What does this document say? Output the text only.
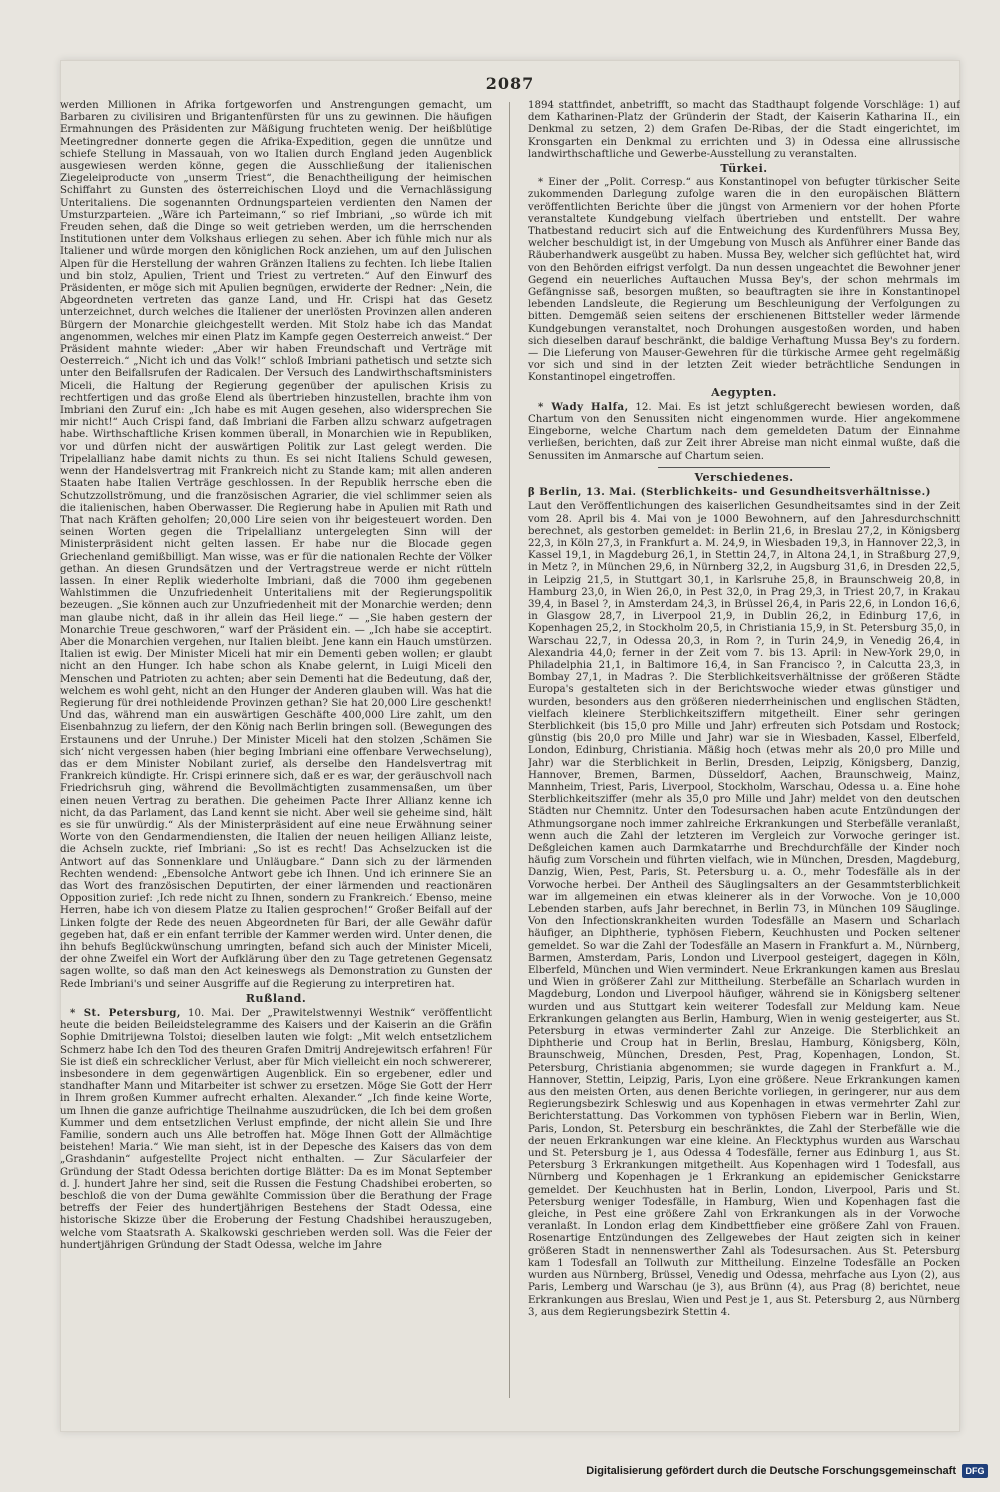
2087

werden Millionen in Afrika fortgeworfen und Anstrengungen gemacht, um Barbaren zu civilisiren und Brigantenfürsten für uns zu gewinnen. Die häufigen Ermahnungen des Präsidenten zur Mäßigung fruchteten wenig. Der heißblütige Meetingredner donnerte gegen die Afrika-Expedition, gegen die unnütze und schiefe Stellung in Massauah, von wo Italien durch England jeden Augenblick ausgewiesen werden könne, gegen die Ausschließung der italienischen Ziegeleiproducte von „unserm Triest“, die Benachtheiligung der heimischen Schiffahrt zu Gunsten des österreichischen Lloyd und die Vernachlässigung Unteritaliens. Die sogenannten Ordnungsparteien verdienten den Namen der Umsturzparteien. „Wäre ich Parteimann,“ so rief Imbriani, „so würde ich mit Freuden sehen, daß die Dinge so weit getrieben werden, um die herrschenden Institutionen unter dem Volkshaus erliegen zu sehen. Aber ich fühle mich nur als Italiener und würde morgen den königlichen Rock anziehen, um auf den Julischen Alpen für die Herstellung der wahren Gränzen Italiens zu fechten. Ich liebe Italien und bin stolz, Apulien, Trient und Triest zu vertreten.“ Auf den Einwurf des Präsidenten, er möge sich mit Apulien begnügen, erwiderte der Redner: „Nein, die Abgeordneten vertreten das ganze Land, und Hr. Crispi hat das Gesetz unterzeichnet, durch welches die Italiener der unerlösten Provinzen allen anderen Bürgern der Monarchie gleichgestellt werden. Mit Stolz habe ich das Mandat angenommen, welches mir einen Platz im Kampfe gegen Oesterreich anweist.“ Der Präsident mahnte wieder: „Aber wir haben Freundschaft und Verträge mit Oesterreich.“ „Nicht ich und das Volk!“ schloß Imbriani pathetisch und setzte sich unter den Beifallsrufen der Radicalen. Der Versuch des Landwirthschaftsministers Miceli, die Haltung der Regierung gegenüber der apulischen Krisis zu rechtfertigen und das große Elend als übertrieben hinzustellen, brachte ihm von Imbriani den Zuruf ein: „Ich habe es mit Augen gesehen, also widersprechen Sie mir nicht!“ Auch Crispi fand, daß Imbriani die Farben allzu schwarz aufgetragen habe. Wirthschaftliche Krisen kommen überall, in Monarchien wie in Republiken, vor und dürfen nicht der auswärtigen Politik zur Last gelegt werden. Die Tripelallianz habe damit nichts zu thun. Es sei nicht Italiens Schuld gewesen, wenn der Handelsvertrag mit Frankreich nicht zu Stande kam; mit allen anderen Staaten habe Italien Verträge geschlossen. In der Republik herrsche eben die Schutzzollströmung, und die französischen Agrarier, die viel schlimmer seien als die italienischen, haben Oberwasser. Die Regierung habe in Apulien mit Rath und That nach Kräften geholfen; 20,000 Lire seien von ihr beigesteuert worden. Den seinen Worten gegen die Tripelallianz untergelegten Sinn will der Ministerpräsident nicht gelten lassen. Er habe nur die Blocade gegen Griechenland gemißbilligt. Man wisse, was er für die nationalen Rechte der Völker gethan. An diesen Grundsätzen und der Vertragstreue werde er nicht rütteln lassen. In einer Replik wiederholte Imbriani, daß die 7000 ihm gegebenen Wahlstimmen die Unzufriedenheit Unteritaliens mit der Regierungspolitik bezeugen. „Sie können auch zur Unzufriedenheit mit der Monarchie werden; denn man glaube nicht, daß in ihr allein das Heil liege.“ — „Sie haben gestern der Monarchie Treue geschworen,“ warf der Präsident ein. — „Ich habe sie acceptirt. Aber die Monarchien vergehen, nur Italien bleibt. Jene kann ein Hauch umstürzen. Italien ist ewig. Der Minister Miceli hat mir ein Dementi geben wollen; er glaubt nicht an den Hunger. Ich habe schon als Knabe gelernt, in Luigi Miceli den Menschen und Patrioten zu achten; aber sein Dementi hat die Bedeutung, daß der, welchem es wohl geht, nicht an den Hunger der Anderen glauben will. Was hat die Regierung für drei nothleidende Provinzen gethan? Sie hat 20,000 Lire geschenkt! Und das, während man ein auswärtigen Geschäfte 400,000 Lire zahlt, um den Eisenbahnzug zu liefern, der den König nach Berlin bringen soll. (Bewegungen des Erstaunens und der Unruhe.) Der Minister Miceli hat den stolzen ‚Schämen Sie sich‘ nicht vergessen haben (hier beging Imbriani eine offenbare Verwechselung), das er dem Minister Nobilant zurief, als derselbe den Handelsvertrag mit Frankreich kündigte. Hr. Crispi erinnere sich, daß er es war, der geräuschvoll nach Friedrichsruh ging, während die Bevollmächtigten zusammensaßen, um über einen neuen Vertrag zu berathen. Die geheimen Pacte Ihrer Allianz kenne ich nicht, da das Parlament, das Land kennt sie nicht. Aber weil sie geheime sind, hält es sie für unwürdig.“ Als der Ministerpräsident auf eine neue Erwähnung seiner Worte von den Gendarmendiensten, die Italien der neuen heiligen Allianz leiste, die Achseln zuckte, rief Imbriani: „So ist es recht! Das Achselzucken ist die Antwort auf das Sonnenklare und Unläugbare.“ Dann sich zu der lärmenden Rechten wendend: „Ebensolche Antwort gebe ich Ihnen. Und ich erinnere Sie an das Wort des französischen Deputirten, der einer lärmenden und reactionären Opposition zurief: ‚Ich rede nicht zu Ihnen, sondern zu Frankreich.‘ Ebenso, meine Herren, habe ich von diesem Platze zu Italien gesprochen!“ Großer Beifall auf der Linken folgte der Rede des neuen Abgeordneten für Bari, der alle Gewähr dafür gegeben hat, daß er ein enfant terrible der Kammer werden wird. Unter denen, die ihn behufs Beglückwünschung umringten, befand sich auch der Minister Miceli, der ohne Zweifel ein Wort der Aufklärung über den zu Tage getretenen Gegensatz sagen wollte, so daß man den Act keineswegs als Demonstration zu Gunsten der Rede Imbriani's und seiner Ausgriffe auf die Regierung zu interpretiren hat.

Rußland.

* St. Petersburg, 10. Mai. Der „Prawitelstwennyi Westnik“ veröffentlicht heute die beiden Beileidstelegramme des Kaisers und der Kaiserin an die Gräfin Sophie Dmitrijewna Tolstoi; dieselben lauten wie folgt: „Mit welch entsetzlichem Schmerz habe Ich den Tod des theuren Grafen Dmitrij Andrejewitsch erfahren! Für Sie ist dieß ein schrecklicher Verlust, aber für Mich vielleicht ein noch schwererer, insbesondere in dem gegenwärtigen Augenblick. Ein so ergebener, edler und standhafter Mann und Mitarbeiter ist schwer zu ersetzen. Möge Sie Gott der Herr in Ihrem großen Kummer aufrecht erhalten. Alexander.“ „Ich finde keine Worte, um Ihnen die ganze aufrichtige Theilnahme auszudrücken, die Ich bei dem großen Kummer und dem entsetzlichen Verlust empfinde, der nicht allein Sie und Ihre Familie, sondern auch uns Alle betroffen hat. Möge Ihnen Gott der Allmächtige beistehen! Maria.“ Wie man sieht, ist in der Depesche des Kaisers das von dem „Grashdanin“ aufgestellte Project nicht enthalten. — Zur Säcularfeier der Gründung der Stadt Odessa berichten dortige Blätter: Da es im Monat September d. J. hundert Jahre her sind, seit die Russen die Festung Chadshibei eroberten, so beschloß die von der Duma gewählte Commission über die Berathung der Frage betreffs der Feier des hundertjährigen Bestehens der Stadt Odessa, eine historische Skizze über die Eroberung der Festung Chadshibei herauszugeben, welche vom Staatsrath A. Skalkowski geschrieben werden soll. Was die Feier der hundertjährigen Gründung der Stadt Odessa, welche im Jahre

1894 stattfindet, anbetrifft, so macht das Stadthaupt folgende Vorschläge: 1) auf dem Katharinen-Platz der Gründerin der Stadt, der Kaiserin Katharina II., ein Denkmal zu setzen, 2) dem Grafen De-Ribas, der die Stadt eingerichtet, im Kronsgarten ein Denkmal zu errichten und 3) in Odessa eine allrussische landwirthschaftliche und Gewerbe-Ausstellung zu veranstalten.

Türkei.

* Einer der „Polit. Corresp.“ aus Konstantinopel von befugter türkischer Seite zukommenden Darlegung zufolge waren die in den europäischen Blättern veröffentlichten Berichte über die jüngst von Armeniern vor der hohen Pforte veranstaltete Kundgebung vielfach übertrieben und entstellt. Der wahre Thatbestand reducirt sich auf die Entweichung des Kurdenführers Mussa Bey, welcher beschuldigt ist, in der Umgebung von Musch als Anführer einer Bande das Räuberhandwerk ausgeübt zu haben. Mussa Bey, welcher sich geflüchtet hat, wird von den Behörden eifrigst verfolgt. Da nun dessen ungeachtet die Bewohner jener Gegend ein neuerliches Auftauchen Mussa Bey's, der schon mehrmals im Gefängnisse saß, besorgen mußten, so beauftragten sie ihre in Konstantinopel lebenden Landsleute, die Regierung um Beschleunigung der Verfolgungen zu bitten. Demgemäß seien seitens der erschienenen Bittsteller weder lärmende Kundgebungen veranstaltet, noch Drohungen ausgestoßen worden, und haben sich dieselben darauf beschränkt, die baldige Verhaftung Mussa Bey's zu fordern. — Die Lieferung von Mauser-Gewehren für die türkische Armee geht regelmäßig vor sich und sind in der letzten Zeit wieder beträchtliche Sendungen in Konstantinopel eingetroffen.

Aegypten.

* Wady Halfa, 12. Mai. Es ist jetzt schlußgerecht bewiesen worden, daß Chartum von den Senussiten nicht eingenommen wurde. Hier angekommene Eingeborne, welche Chartum nach dem gemeldeten Datum der Einnahme verließen, berichten, daß zur Zeit ihrer Abreise man nicht einmal wußte, daß die Senussiten im Anmarsche auf Chartum seien.

Verschiedenes.

β Berlin, 13. Mai. (Sterblichkeits- und Gesundheitsverhältnisse.)

Laut den Veröffentlichungen des kaiserlichen Gesundheitsamtes sind in der Zeit vom 28. April bis 4. Mai von je 1000 Bewohnern, auf den Jahresdurchschnitt berechnet, als gestorben gemeldet: in Berlin 21,6, in Breslau 27,2, in Königsberg 22,3, in Köln 27,3, in Frankfurt a. M. 24,9, in Wiesbaden 19,3, in Hannover 22,3, in Kassel 19,1, in Magdeburg 26,1, in Stettin 24,7, in Altona 24,1, in Straßburg 27,9, in Metz ?, in München 29,6, in Nürnberg 32,2, in Augsburg 31,6, in Dresden 22,5, in Leipzig 21,5, in Stuttgart 30,1, in Karlsruhe 25,8, in Braunschweig 20,8, in Hamburg 23,0, in Wien 26,0, in Pest 32,0, in Prag 29,3, in Triest 20,7, in Krakau 39,4, in Basel ?, in Amsterdam 24,3, in Brüssel 26,4, in Paris 22,6, in London 16,6, in Glasgow 28,7, in Liverpool 21,9, in Dublin 26,2, in Edinburg 17,6, in Kopenhagen 25,2, in Stockholm 20,5, in Christiania 15,9, in St. Petersburg 35,0, in Warschau 22,7, in Odessa 20,3, in Rom ?, in Turin 24,9, in Venedig 26,4, in Alexandria 44,0; ferner in der Zeit vom 7. bis 13. April: in New-York 29,0, in Philadelphia 21,1, in Baltimore 16,4, in San Francisco ?, in Calcutta 23,3, in Bombay 27,1, in Madras ?. Die Sterblichkeitsverhältnisse der größeren Städte Europa's gestalteten sich in der Berichtswoche wieder etwas günstiger und wurden, besonders aus den größeren niederrheinischen und englischen Städten, vielfach kleinere Sterblichkeitsziffern mitgetheilt. Einer sehr geringen Sterblichkeit (bis 15,0 pro Mille und Jahr) erfreuten sich Potsdam und Rostock; günstig (bis 20,0 pro Mille und Jahr) war sie in Wiesbaden, Kassel, Elberfeld, London, Edinburg, Christiania. Mäßig hoch (etwas mehr als 20,0 pro Mille und Jahr) war die Sterblichkeit in Berlin, Dresden, Leipzig, Königsberg, Danzig, Hannover, Bremen, Barmen, Düsseldorf, Aachen, Braunschweig, Mainz, Mannheim, Triest, Paris, Liverpool, Stockholm, Warschau, Odessa u. a. Eine hohe Sterblichkeitsziffer (mehr als 35,0 pro Mille und Jahr) meldet von den deutschen Städten nur Chemnitz. Unter den Todesursachen haben acute Entzündungen der Athmungsorgane noch immer zahlreiche Erkrankungen und Sterbefälle veranlaßt, wenn auch die Zahl der letzteren im Vergleich zur Vorwoche geringer ist. Deßgleichen kamen auch Darmkatarrhe und Brechdurchfälle der Kinder noch häufig zum Vorschein und führten vielfach, wie in München, Dresden, Magdeburg, Danzig, Wien, Pest, Paris, St. Petersburg u. a. O., mehr Todesfälle als in der Vorwoche herbei. Der Antheil des Säuglingsalters an der Gesammtsterblichkeit war im allgemeinen ein etwas kleinerer als in der Vorwoche. Von je 10,000 Lebenden starben, aufs Jahr berechnet, in Berlin 73, in München 109 Säuglinge. Von den Infectionskrankheiten wurden Todesfälle an Masern und Scharlach häufiger, an Diphtherie, typhösen Fiebern, Keuchhusten und Pocken seltener gemeldet. So war die Zahl der Todesfälle an Masern in Frankfurt a. M., Nürnberg, Barmen, Amsterdam, Paris, London und Liverpool gesteigert, dagegen in Köln, Elberfeld, München und Wien vermindert. Neue Erkrankungen kamen aus Breslau und Wien in größerer Zahl zur Mittheilung. Sterbefälle an Scharlach wurden in Magdeburg, London und Liverpool häufiger, während sie in Königsberg seltener wurden und aus Stuttgart kein weiterer Todesfall zur Meldung kam. Neue Erkrankungen gelangten aus Berlin, Hamburg, Wien in wenig gesteigerter, aus St. Petersburg in etwas verminderter Zahl zur Anzeige. Die Sterblichkeit an Diphtherie und Croup hat in Berlin, Breslau, Hamburg, Königsberg, Köln, Braunschweig, München, Dresden, Pest, Prag, Kopenhagen, London, St. Petersburg, Christiania abgenommen; sie wurde dagegen in Frankfurt a. M., Hannover, Stettin, Leipzig, Paris, Lyon eine größere. Neue Erkrankungen kamen aus den meisten Orten, aus denen Berichte vorliegen, in geringerer, nur aus dem Regierungsbezirk Schleswig und aus Kopenhagen in etwas vermehrter Zahl zur Berichterstattung. Das Vorkommen von typhösen Fiebern war in Berlin, Wien, Paris, London, St. Petersburg ein beschränktes, die Zahl der Sterbefälle wie die der neuen Erkrankungen war eine kleine. An Flecktyphus wurden aus Warschau und St. Petersburg je 1, aus Odessa 4 Todesfälle, ferner aus Edinburg 1, aus St. Petersburg 3 Erkrankungen mitgetheilt. Aus Kopenhagen wird 1 Todesfall, aus Nürnberg und Kopenhagen je 1 Erkrankung an epidemischer Genickstarre gemeldet. Der Keuchhusten hat in Berlin, London, Liverpool, Paris und St. Petersburg weniger Todesfälle, in Hamburg, Wien und Kopenhagen fast die gleiche, in Pest eine größere Zahl von Erkrankungen als in der Vorwoche veranlaßt. In London erlag dem Kindbettfieber eine größere Zahl von Frauen. Rosenartige Entzündungen des Zellgewebes der Haut zeigten sich in keiner größeren Stadt in nennenswerther Zahl als Todesursachen. Aus St. Petersburg kam 1 Todesfall an Tollwuth zur Mittheilung. Einzelne Todesfälle an Pocken wurden aus Nürnberg, Brüssel, Venedig und Odessa, mehrfache aus Lyon (2), aus Paris, Lemberg und Warschau (je 3), aus Brünn (4), aus Prag (8) berichtet, neue Erkrankungen aus Breslau, Wien und Pest je 1, aus St. Petersburg 2, aus Nürnberg 3, aus dem Regierungsbezirk Stettin 4.

Digitalisierung gefördert durch die Deutsche Forschungsgemeinschaft	DFG
